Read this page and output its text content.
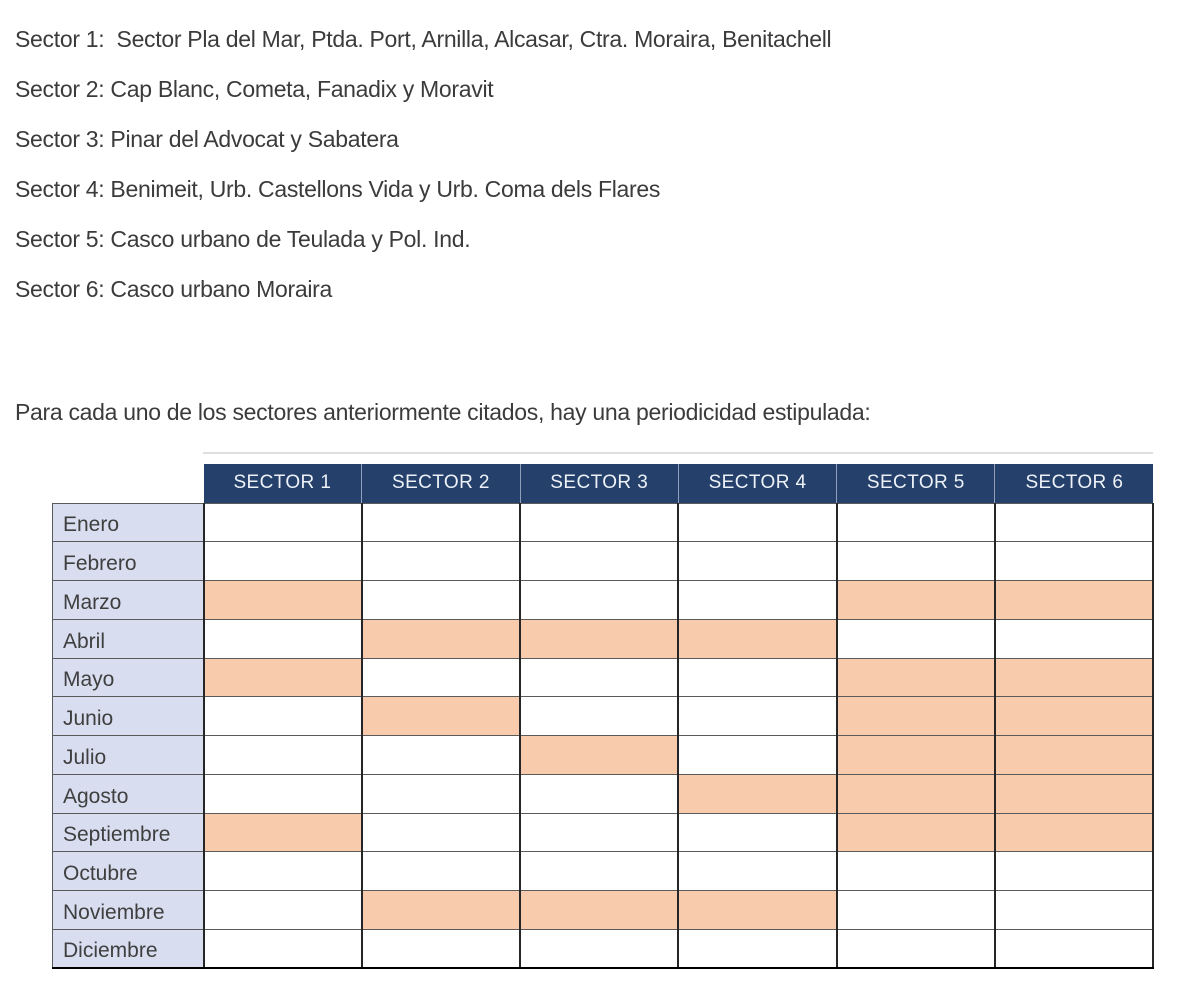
Sector 1:  Sector Pla del Mar, Ptda. Port, Arnilla, Alcasar, Ctra. Moraira, Benitachell
Sector 2: Cap Blanc, Cometa, Fanadix y Moravit
Sector 3: Pinar del Advocat y Sabatera
Sector 4: Benimeit, Urb. Castellons Vida y Urb. Coma dels Flares
Sector 5: Casco urbano de Teulada y Pol. Ind.
Sector 6: Casco urbano Moraira

Para cada uno de los sectores anteriormente citados, hay una periodicidad estipulada:

	SECTOR 1	SECTOR 2	SECTOR 3	SECTOR 4	SECTOR 5	SECTOR 6
Enero						
Febrero						
Marzo						
Abril						
Mayo						
Junio						
Julio						
Agosto						
Septiembre						
Octubre						
Noviembre						
Diciembre						
